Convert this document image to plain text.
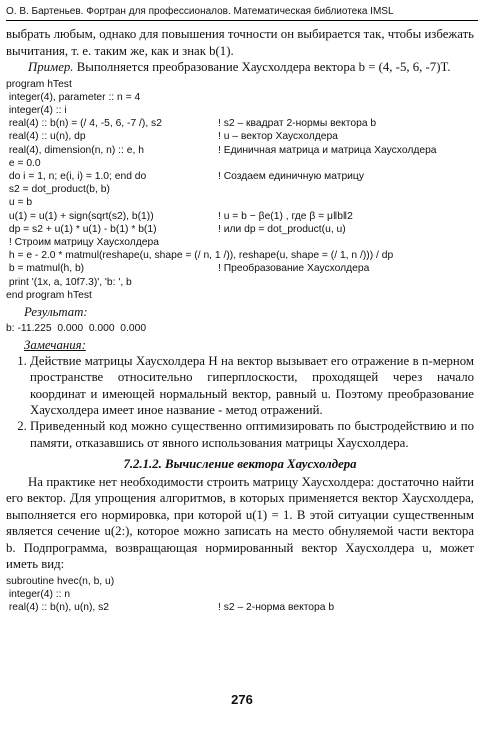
О. В. Бартеньев. Фортран для профессионалов. Математическая библиотека IMSL

выбрать любым, однако для повышения точности он выбирается так, чтобы избежать вычитания, т. е. таким же, как и знак b(1).

Пример. Выполняется преобразование Хаусхолдера вектора b = (4, -5, 6, -7)T.

program hTest
integer(4), parameter :: n = 4
integer(4) :: i
real(4) :: b(n) = (/ 4, -5, 6, -7 /), s2	! s2 – квадрат 2-нормы вектора b
real(4) :: u(n), dp	! u – вектор Хаусхолдера
real(4), dimension(n, n) :: e, h	! Единичная матрица и матрица Хаусхолдера
e = 0.0
do i = 1, n; e(i, i) = 1.0; end do	! Создаем единичную матрицу
s2 = dot_product(b, b)
u = b
u(1) = u(1) + sign(sqrt(s2), b(1))	! u = b − βe(1) , где β = μ‖b‖2
dp = s2 + u(1) * u(1) - b(1) * b(1)	! или dp = dot_product(u, u)
! Строим матрицу Хаусхолдера
h = e - 2.0 * matmul(reshape(u, shape = (/ n, 1 /)), reshape(u, shape = (/ 1, n /))) / dp
b = matmul(h, b)	! Преобразование Хаусхолдера
print '(1x, a, 10f7.3)', 'b: ', b
end program hTest
Результат:
b: -11.225  0.000  0.000  0.000
Замечания:
1. Действие матрицы Хаусхолдера H на вектор вызывает его отражение в n-мерном пространстве относительно гиперплоскости, проходящей через начало координат и имеющей нормальный вектор, равный u. Поэтому преобразование Хаусхолдера имеет иное название - метод отражений.
2. Приведенный код можно существенно оптимизировать по быстродействию и по памяти, отказавшись от явного использования матрицы Хаусхолдера.
7.2.1.2. Вычисление вектора Хаусхолдера

На практике нет необходимости строить матрицу Хаусхолдера: достаточно найти его вектор. Для упрощения алгоритмов, в которых применяется вектор Хаусхолдера, выполняется его нормировка, при которой u(1) = 1. В этой ситуации существенным является сечение u(2:), которое можно записать на место обнуляемой части вектора b. Подпрограмма, возвращающая нормированный вектор Хаусхолдера u, может иметь вид:

subroutine hvec(n, b, u)
integer(4) :: n
real(4) :: b(n), u(n), s2	! s2 – 2-норма вектора b
276
